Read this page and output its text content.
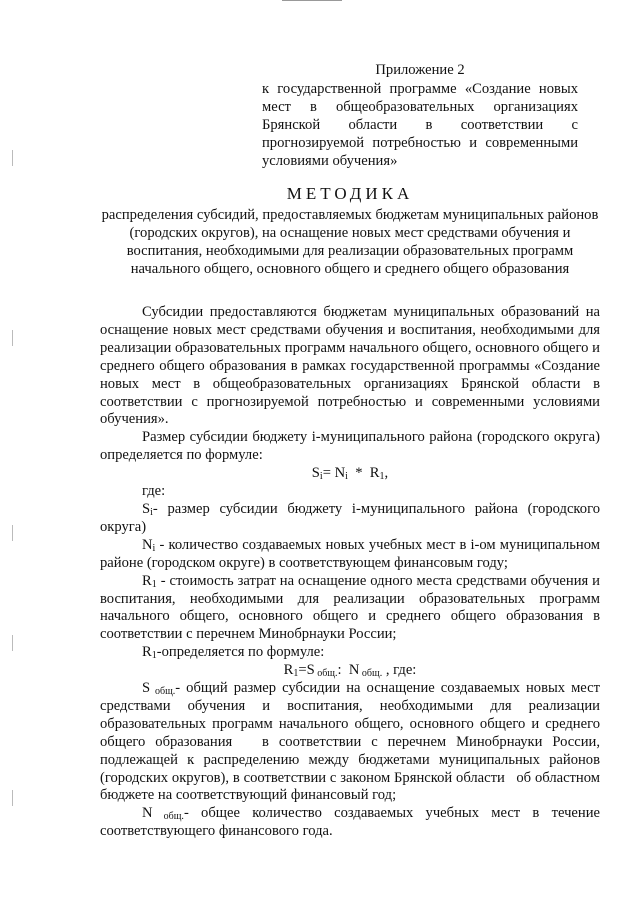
Приложение 2

к государственной программе «Создание новых мест в общеобразовательных организациях Брянской области в соответствии с прогнозируемой потребностью и современными условиями обучения»

МЕТОДИКА

распределения субсидий, предоставляемых бюджетам муниципальных районов (городских округов), на оснащение новых мест средствами обучения и воспитания, необходимыми для реализации образовательных программ начального общего, основного общего и среднего общего образования

Субсидии предоставляются бюджетам муниципальных образований на оснащение новых мест средствами обучения и воспитания, необходимыми для реализации образовательных программ начального общего, основного общего и среднего общего образования в рамках государственной программы «Создание новых мест в общеобразовательных организациях Брянской области в соответствии с прогнозируемой потребностью и современными условиями обучения».

Размер субсидии бюджету i-муниципального района (городского округа) определяется по формуле:

$S_i= N_i * R_1$,

где:

$S_i-$ размер субсидии бюджету i-муниципального района (городского округа)

$N_i$ - количество создаваемых новых учебных мест в i-ом муниципальном районе (городском округе) в соответствующем финансовым году;

$R_1$ - стоимость затрат на оснащение одного места средствами обучения и воспитания, необходимыми для реализации образовательных программ начального общего, основного общего и среднего общего образования в соответствии с перечнем Минобрнауки России;

$R_1$-определяется по формуле:

$R_1=S$ $_{общ.}$:  N $_{общ.}$ , где:

S $_{общ.}$- общий размер субсидии на оснащение создаваемых новых мест средствами обучения и воспитания, необходимыми для реализации образовательных программ начального общего, основного общего и среднего общего образования   в соответствии с перечнем Минобрнауки России, подлежащей к распределению между бюджетами муниципальных районов (городских округов), в соответствии с законом Брянской области   об областном бюджете на соответствующий финансовый год;

N $_{общ.}$- общее количество создаваемых учебных мест в течение соответствующего финансового года.
